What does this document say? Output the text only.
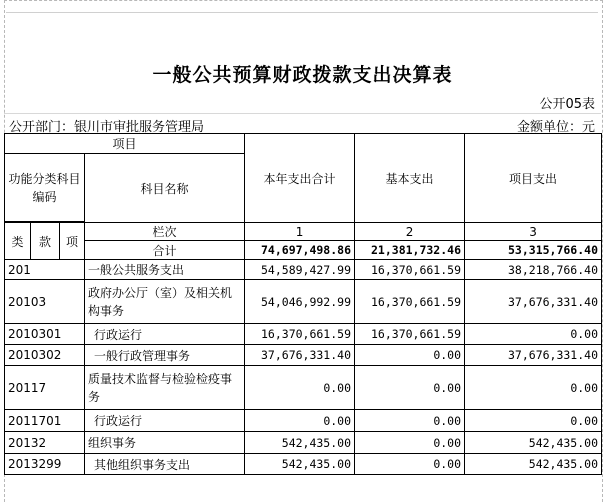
一般公共预算财政拨款支出决算表
公开05表
公开部门：银川市审批服务管理局	金额单位：元
项目				本年支出合计	基本支出	项目支出
功能分类科目编码			科目名称			

类	款	项	栏次	1	2	3
			合计	74,697,498.86	21,381,732.46	53,315,766.40
201			一般公共服务支出	54,589,427.99	16,370,661.59	38,218,766.40
20103			政府办公厅（室）及相关机构事务	54,046,992.99	16,370,661.59	37,676,331.40
2010301			行政运行	16,370,661.59	16,370,661.59	0.00
2010302			一般行政管理事务	37,676,331.40	0.00	37,676,331.40
20117			质量技术监督与检验检疫事务	0.00	0.00	0.00
2011701			行政运行	0.00	0.00	0.00
20132			组织事务	542,435.00	0.00	542,435.00
2013299			其他组织事务支出	542,435.00	0.00	542,435.00
